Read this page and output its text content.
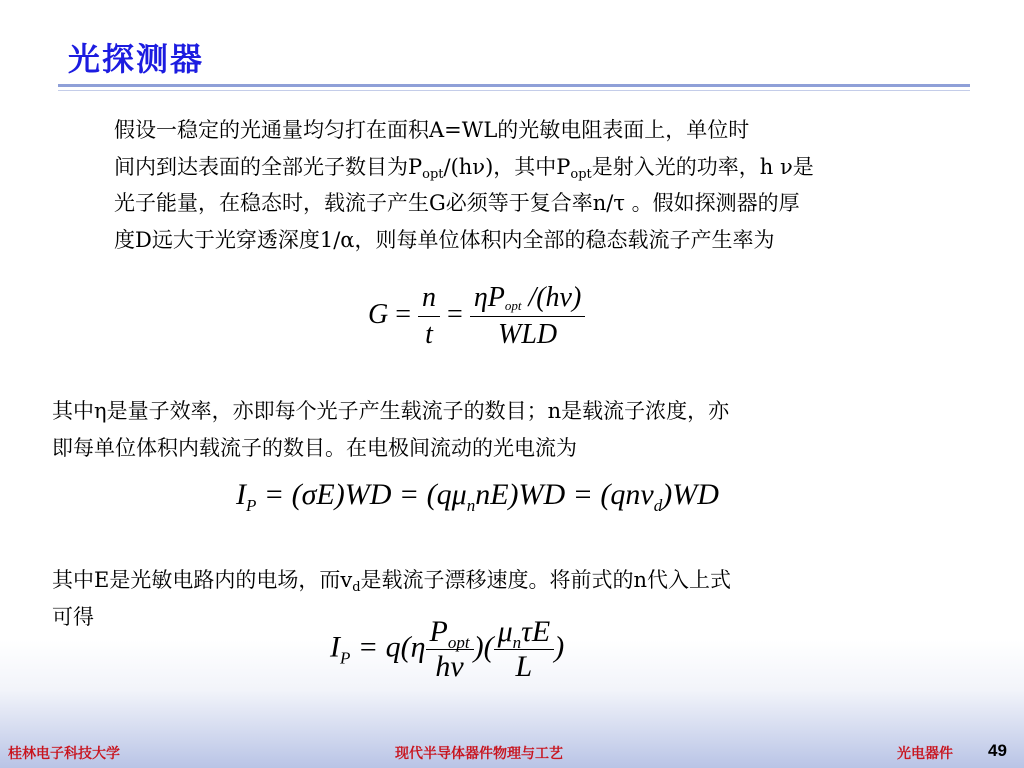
光探测器
假设一稳定的光通量均匀打在面积A=WL的光敏电阻表面上，单位时
间内到达表面的全部光子数目为$P_{opt}/(h\nu)$，其中$P_{opt}$是射入光的功率，h ν是
光子能量，在稳态时，载流子产生G必须等于复合率n/τ 。假如探测器的厚
度D远大于光穿透深度1/α，则每单位体积内全部的稳态载流子产生率为
$G = \frac{n}{t} = \frac{\eta P_{opt} /(h\nu)}{\text{WLD}}$
其中η是量子效率，亦即每个光子产生载流子的数目；n是载流子浓度，亦
即每单位体积内载流子的数目。在电极间流动的光电流为
$I_P = (\sigma E)WD = (q\mu_nnE)WD = (qnv_d)WD$
其中E是光敏电路内的电场，而$v_d$是载流子漂移速度。将前式的n代入上式
可得
$I_P = q(\eta \frac{P_{opt}}{h\nu}$ )( $\frac{\mu_n\tau E}{L}$ )
桂林电子科技大学	现代半导体器件物理与工艺	光电器件 49
